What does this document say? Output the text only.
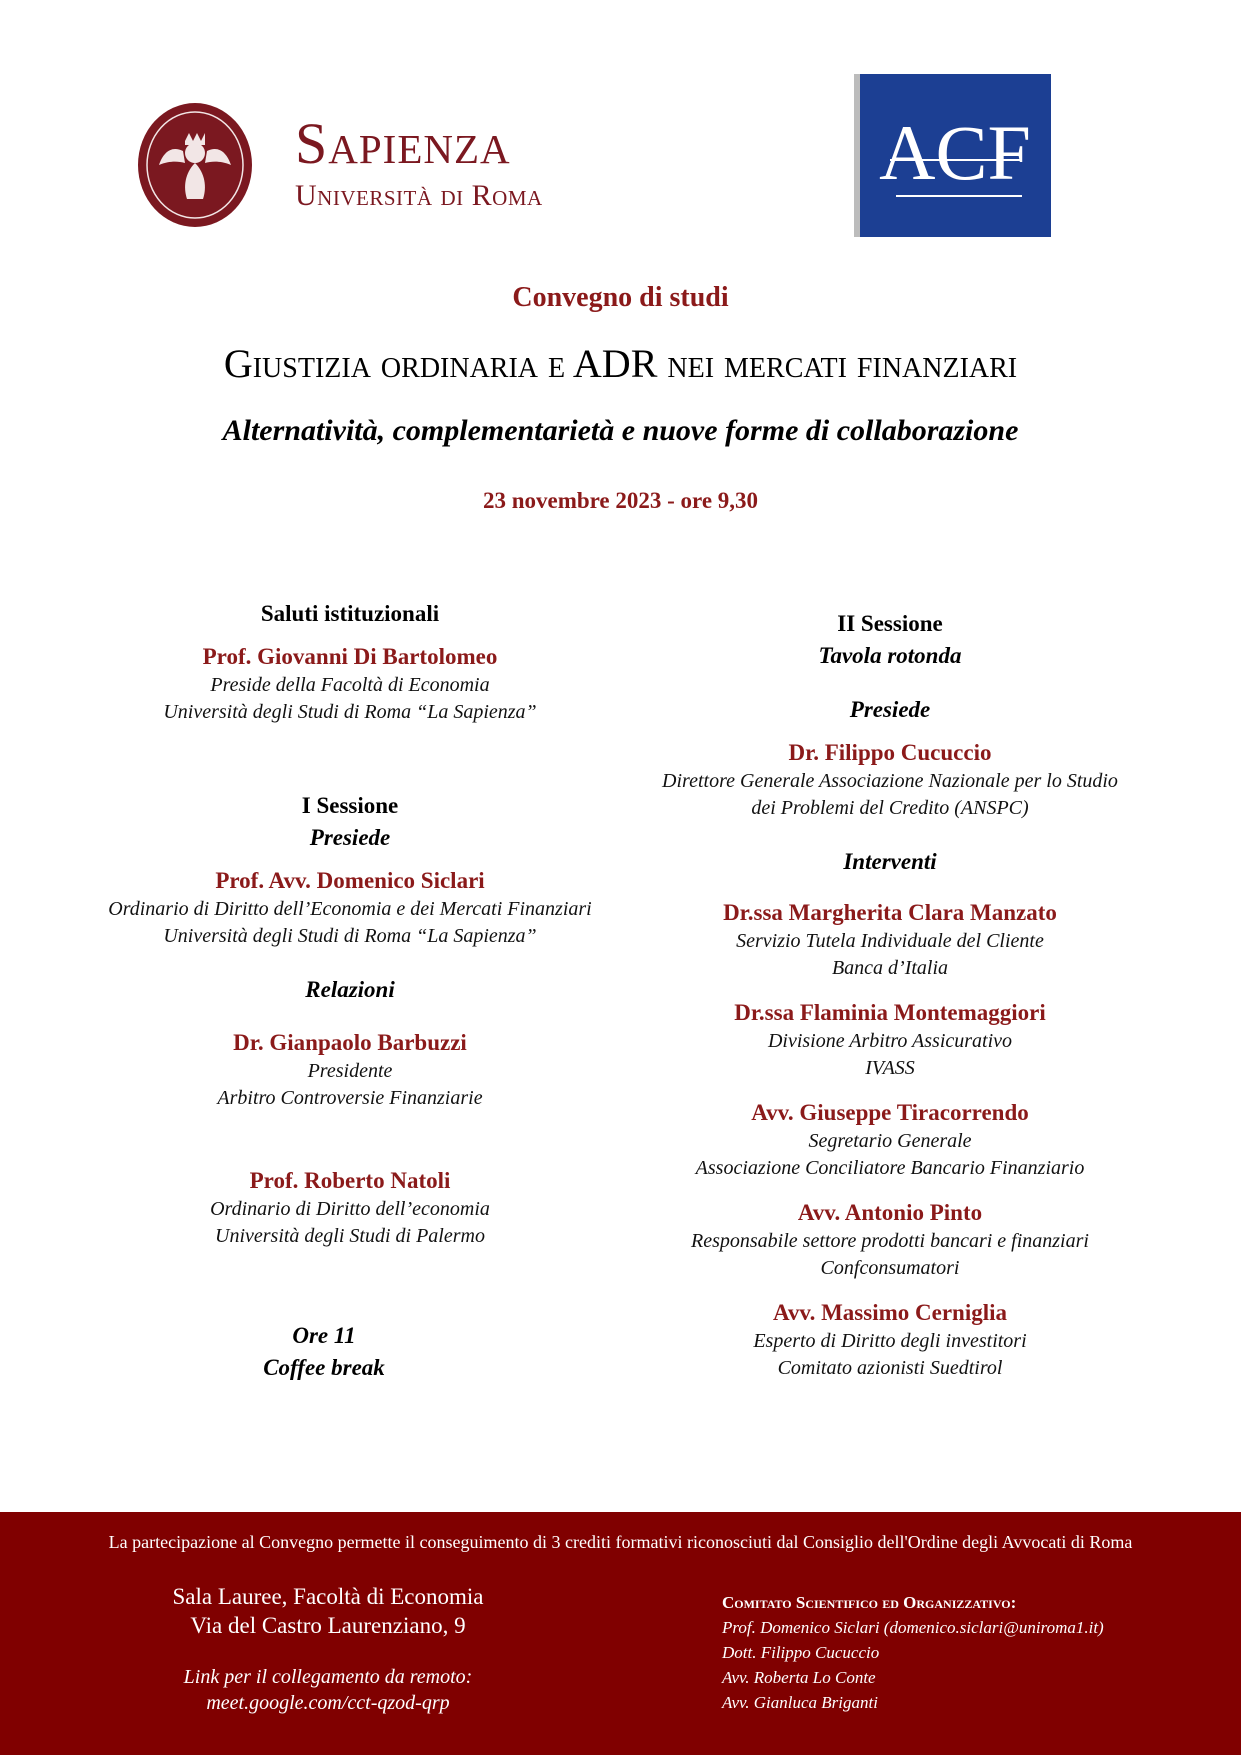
Sapienza
Università di Roma	ACF
Convegno di studi
Giustizia ordinaria e ADR nei mercati finanziari
Alternatività, complementarietà e nuove forme di collaborazione
23 novembre 2023 - ore 9,30
Saluti istituzionali
Prof. Giovanni Di Bartolomeo
Preside della Facoltà di Economia
Università degli Studi di Roma “La Sapienza”
I Sessione
Presiede
Prof. Avv. Domenico Siclari
Ordinario di Diritto dell’Economia e dei Mercati Finanziari
Università degli Studi di Roma “La Sapienza”
Relazioni
Dr. Gianpaolo Barbuzzi
Presidente
Arbitro Controversie Finanziarie
Prof. Roberto Natoli
Ordinario di Diritto dell’economia
Università degli Studi di Palermo
Ore 11
Coffee break
II Sessione
Tavola rotonda
Presiede
Dr. Filippo Cucuccio
Direttore Generale Associazione Nazionale per lo Studio
dei Problemi del Credito (ANSPC)
Interventi
Dr.ssa Margherita Clara Manzato
Servizio Tutela Individuale del Cliente
Banca d’Italia
Dr.ssa Flaminia Montemaggiori
Divisione Arbitro Assicurativo
IVASS
Avv. Giuseppe Tiracorrendo
Segretario Generale
Associazione Conciliatore Bancario Finanziario
Avv. Antonio Pinto
Responsabile settore prodotti bancari e finanziari
Confconsumatori
Avv. Massimo Cerniglia
Esperto di Diritto degli investitori
Comitato azionisti Suedtirol
La partecipazione al Convegno permette il conseguimento di 3 crediti formativi riconosciuti dal Consiglio dell'Ordine degli Avvocati di Roma
Sala Lauree, Facoltà di Economia
Via del Castro Laurenziano, 9
Link per il collegamento da remoto:
meet.google.com/cct-qzod-qrp
Comitato Scientifico ed Organizzativo:
Prof. Domenico Siclari (domenico.siclari@uniroma1.it)
Dott. Filippo Cucuccio
Avv. Roberta Lo Conte
Avv. Gianluca Briganti
